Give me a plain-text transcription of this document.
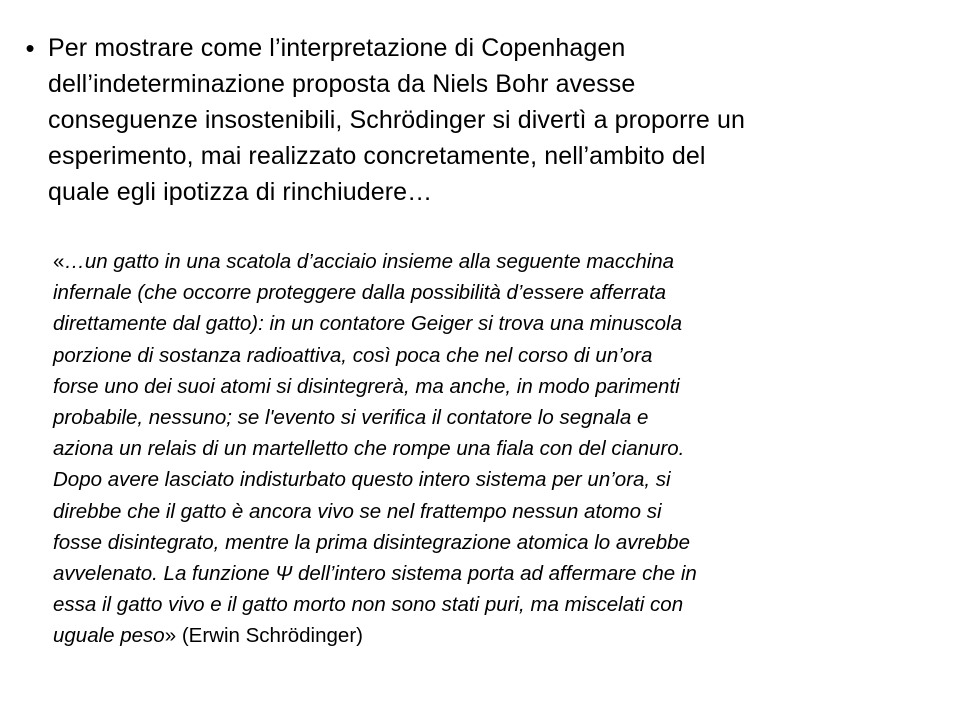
• Per mostrare come l’interpretazione di Copenhagen
dell’indeterminazione proposta da Niels Bohr avesse
conseguenze insostenibili, Schrödinger si divertì a proporre un
esperimento, mai realizzato concretamente, nell’ambito del
quale egli ipotizza di rinchiudere…
«…un gatto in una scatola d’acciaio insieme alla seguente macchina
infernale (che occorre proteggere dalla possibilità d’essere afferrata
direttamente dal gatto): in un contatore Geiger si trova una minuscola
porzione di sostanza radioattiva, così poca che nel corso di un’ora
forse uno dei suoi atomi si disintegrerà, ma anche, in modo parimenti
probabile, nessuno; se l'evento si verifica il contatore lo segnala e
aziona un relais di un martelletto che rompe una fiala con del cianuro.
Dopo avere lasciato indisturbato questo intero sistema per un’ora, si
direbbe che il gatto è ancora vivo se nel frattempo nessun atomo si
fosse disintegrato, mentre la prima disintegrazione atomica lo avrebbe
avvelenato. La funzione Ψ dell’intero sistema porta ad affermare che in
essa il gatto vivo e il gatto morto non sono stati puri, ma miscelati con
uguale peso» (Erwin Schrödinger)
